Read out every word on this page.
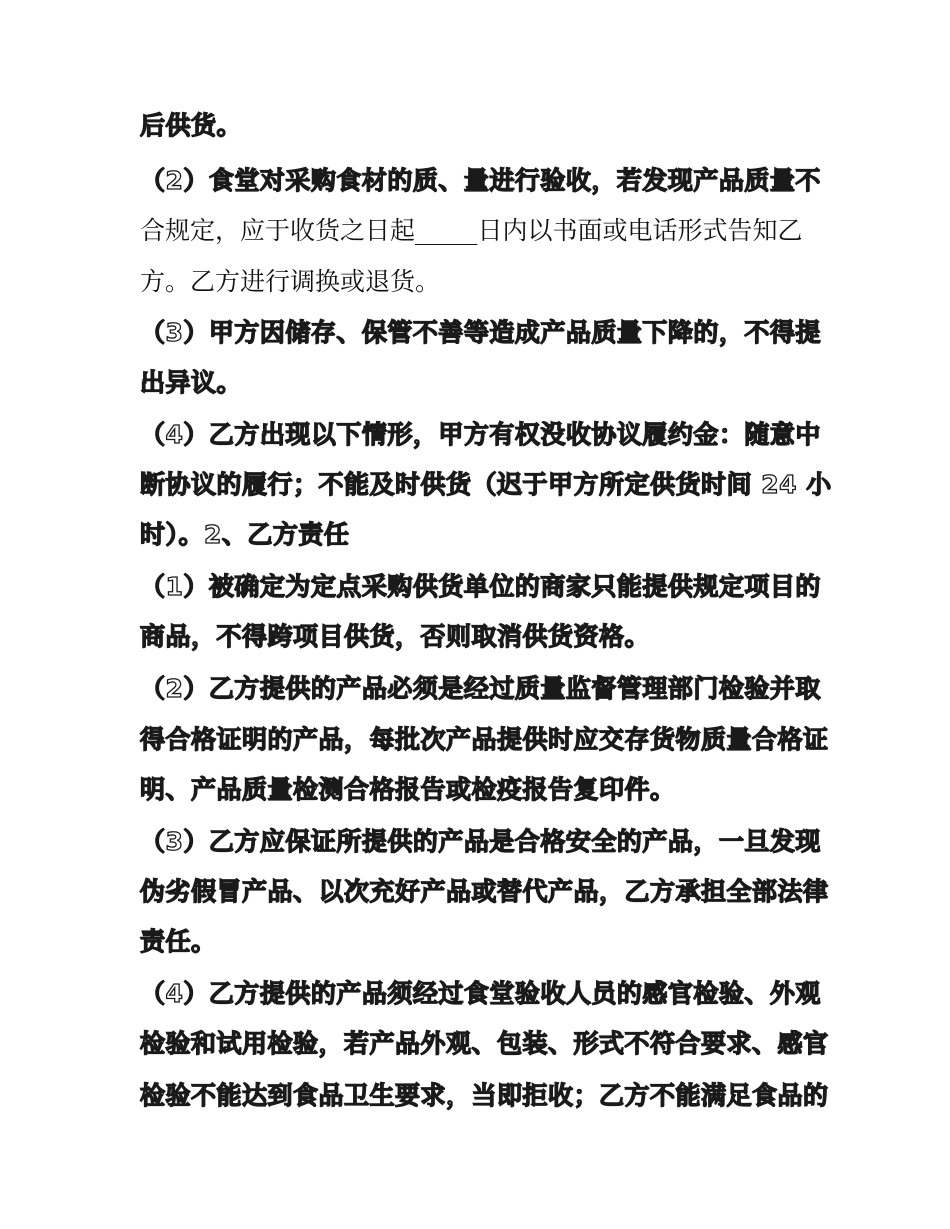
后供货。
（2）食堂对采购食材的质、量进行验收，若发现产品质量不
合规定，应于收货之日起_____日内以书面或电话形式告知乙
方。乙方进行调换或退货。
（3）甲方因储存、保管不善等造成产品质量下降的，不得提
出异议。
（4）乙方出现以下情形，甲方有权没收协议履约金：随意中
断协议的履行；不能及时供货（迟于甲方所定供货时间 24 小
时）。2、乙方责任
（1）被确定为定点采购供货单位的商家只能提供规定项目的
商品，不得跨项目供货，否则取消供货资格。
（2）乙方提供的产品必须是经过质量监督管理部门检验并取
得合格证明的产品，每批次产品提供时应交存货物质量合格证
明、产品质量检测合格报告或检疫报告复印件。
（3）乙方应保证所提供的产品是合格安全的产品，一旦发现
伪劣假冒产品、以次充好产品或替代产品，乙方承担全部法律
责任。
（4）乙方提供的产品须经过食堂验收人员的感官检验、外观
检验和试用检验，若产品外观、包装、形式不符合要求、感官
检验不能达到食品卫生要求，当即拒收；乙方不能满足食品的
